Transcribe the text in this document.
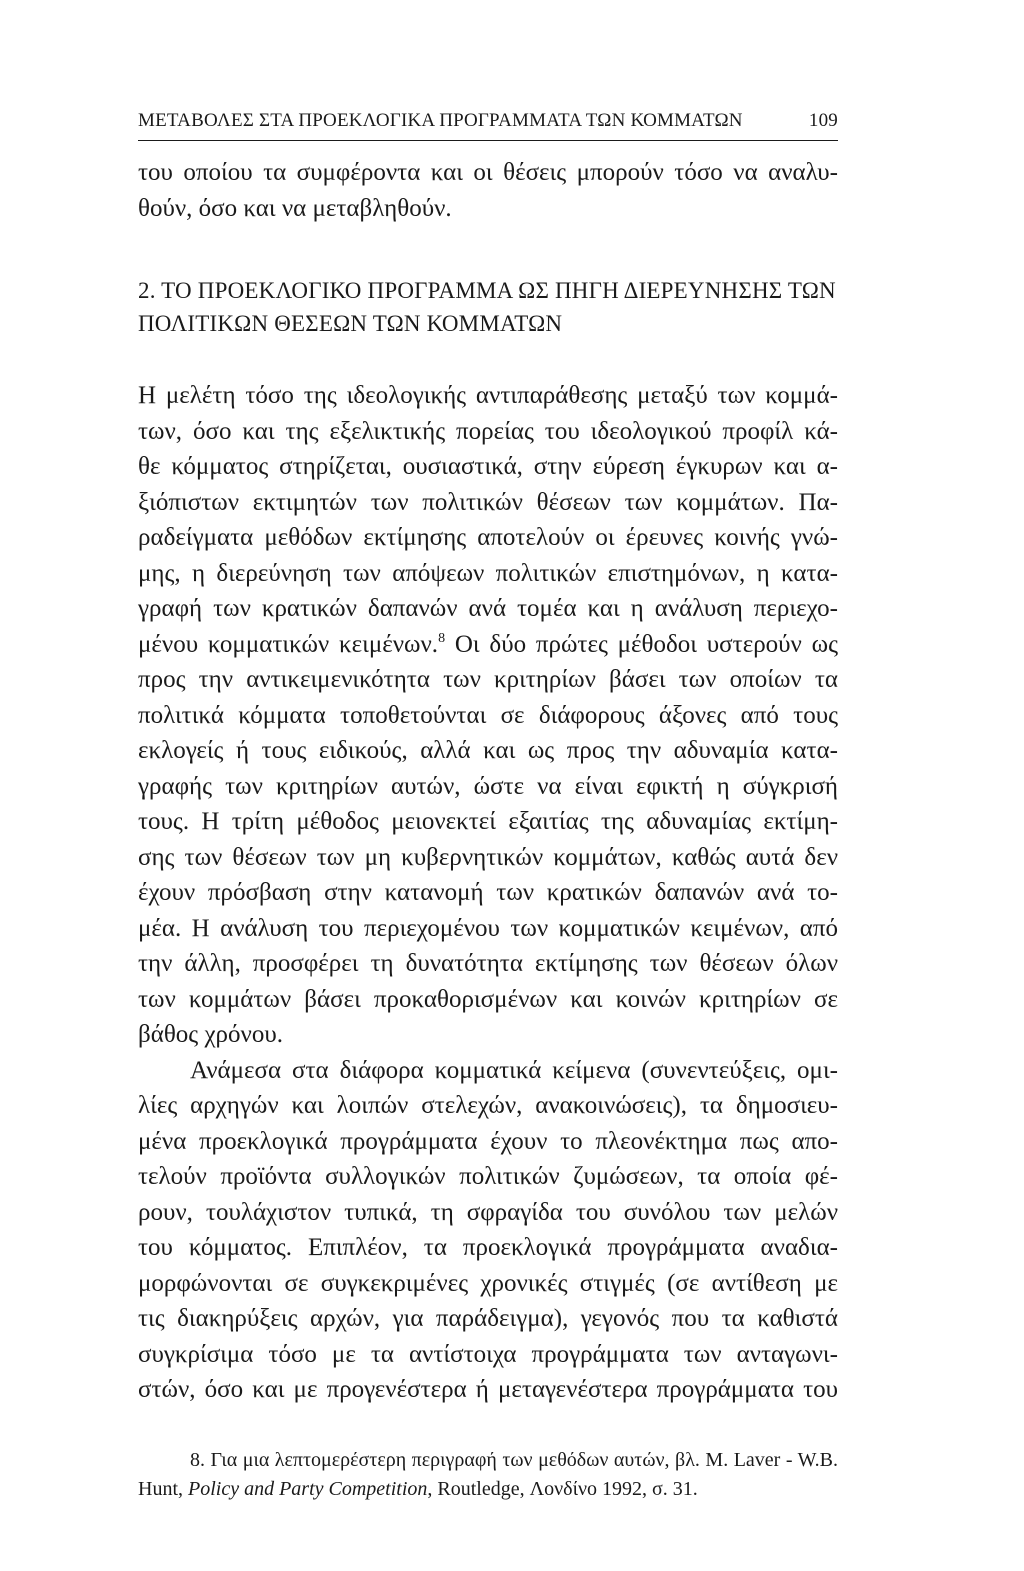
ΜΕΤΑΒΟΛΕΣ ΣΤΑ ΠΡΟΕΚΛΟΓΙΚΑ ΠΡΟΓΡΑΜΜΑΤΑ ΤΩΝ ΚΟΜΜΑΤΩΝ	109
του οποίου τα συμφέροντα και οι θέσεις μπορούν τόσο να αναλυ-
θούν, όσο και να μεταβληθούν.
2. ΤΟ ΠΡΟΕΚΛΟΓΙΚΟ ΠΡΟΓΡΑΜΜΑ ΩΣ ΠΗΓΗ ΔΙΕΡΕΥΝΗΣΗΣ ΤΩΝ
ΠΟΛΙΤΙΚΩΝ ΘΕΣΕΩΝ ΤΩΝ ΚΟΜΜΑΤΩΝ
Η μελέτη τόσο της ιδεολογικής αντιπαράθεσης μεταξύ των κομμά-
των, όσο και της εξελικτικής πορείας του ιδεολογικού προφίλ κά-
θε κόμματος στηρίζεται, ουσιαστικά, στην εύρεση έγκυρων και α-
ξιόπιστων εκτιμητών των πολιτικών θέσεων των κομμάτων. Πα-
ραδείγματα μεθόδων εκτίμησης αποτελούν οι έρευνες κοινής γνώ-
μης, η διερεύνηση των απόψεων πολιτικών επιστημόνων, η κατα-
γραφή των κρατικών δαπανών ανά τομέα και η ανάλυση περιεχο-
μένου κομματικών κειμένων.$^8$ Οι δύο πρώτες μέθοδοι υστερούν ως
προς την αντικειμενικότητα των κριτηρίων βάσει των οποίων τα
πολιτικά κόμματα τοποθετούνται σε διάφορους άξονες από τους
εκλογείς ή τους ειδικούς, αλλά και ως προς την αδυναμία κατα-
γραφής των κριτηρίων αυτών, ώστε να είναι εφικτή η σύγκρισή
τους. Η τρίτη μέθοδος μειονεκτεί εξαιτίας της αδυναμίας εκτίμη-
σης των θέσεων των μη κυβερνητικών κομμάτων, καθώς αυτά δεν
έχουν πρόσβαση στην κατανομή των κρατικών δαπανών ανά το-
μέα. Η ανάλυση του περιεχομένου των κομματικών κειμένων, από
την άλλη, προσφέρει τη δυνατότητα εκτίμησης των θέσεων όλων
των κομμάτων βάσει προκαθορισμένων και κοινών κριτηρίων σε
βάθος χρόνου.
Ανάμεσα στα διάφορα κομματικά κείμενα (συνεντεύξεις, ομι-
λίες αρχηγών και λοιπών στελεχών, ανακοινώσεις), τα δημοσιευ-
μένα προεκλογικά προγράμματα έχουν το πλεονέκτημα πως απο-
τελούν προϊόντα συλλογικών πολιτικών ζυμώσεων, τα οποία φέ-
ρουν, τουλάχιστον τυπικά, τη σφραγίδα του συνόλου των μελών
του κόμματος. Επιπλέον, τα προεκλογικά προγράμματα αναδια-
μορφώνονται σε συγκεκριμένες χρονικές στιγμές (σε αντίθεση με
τις διακηρύξεις αρχών, για παράδειγμα), γεγονός που τα καθιστά
συγκρίσιμα τόσο με τα αντίστοιχα προγράμματα των ανταγωνι-
στών, όσο και με προγενέστερα ή μεταγενέστερα προγράμματα του
8. Για μια λεπτομερέστερη περιγραφή των μεθόδων αυτών, βλ. M. Laver - W.B.
Hunt, Policy and Party Competition, Routledge, Λονδίνο 1992, σ. 31.
